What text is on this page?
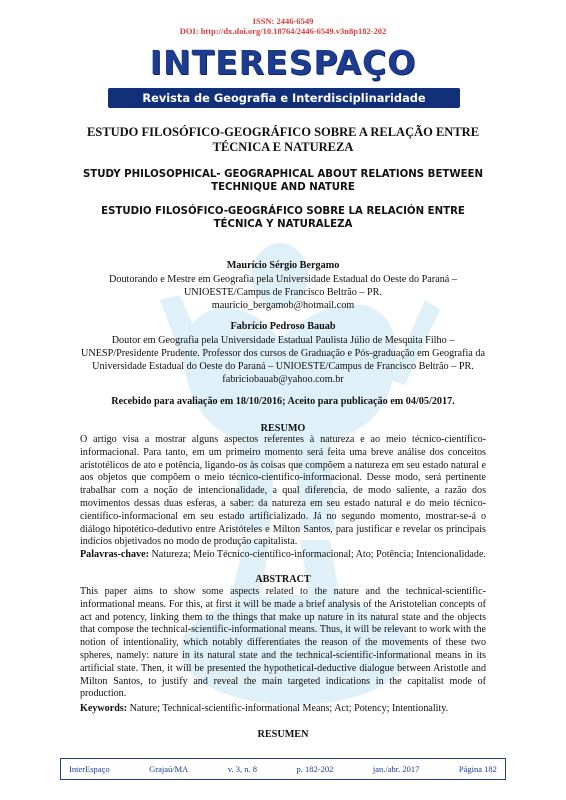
ISSN: 2446-6549
DOI: http://dx.doi.org/10.18764/2446-6549.v3n8p182-202
INTERESPAÇO
Revista de Geografia e Interdisciplinaridade
ESTUDO FILOSÓFICO-GEOGRÁFICO SOBRE A RELAÇÃO ENTRE TÉCNICA E NATUREZA
STUDY PHILOSOPHICAL- GEOGRAPHICAL ABOUT RELATIONS BETWEEN TECHNIQUE AND NATURE
ESTUDIO FILOSÓFICO-GEOGRÁFICO SOBRE LA RELACIÓN ENTRE TÉCNICA Y NATURALEZA
Maurício Sérgio Bergamo
Doutorando e Mestre em Geografia pela Universidade Estadual do Oeste do Paraná – UNIOESTE/Campus de Francisco Beltrão – PR.
mauricio_bergamob@hotmail.com
Fabrício Pedroso Bauab
Doutor em Geografia pela Universidade Estadual Paulista Júlio de Mesquita Filho – UNESP/Presidente Prudente. Professor dos cursos de Graduação e Pós-graduação em Geografia da Universidade Estadual do Oeste do Paraná – UNIOESTE/Campus de Francisco Beltrão – PR.
fabriciobauab@yahoo.com.br
Recebido para avaliação em 18/10/2016; Aceito para publicação em 04/05/2017.
RESUMO
O artigo visa a mostrar alguns aspectos referentes à natureza e ao meio técnico-científico-informacional. Para tanto, em um primeiro momento será feita uma breve análise dos conceitos aristotélicos de ato e potência, ligando-os às coisas que compõem a natureza em seu estado natural e aos objetos que compõem o meio técnico-científico-informacional. Desse modo, será pertinente trabalhar com a noção de intencionalidade, a qual diferencia, de modo saliente, a razão dos movimentos dessas duas esferas, a saber: da natureza em seu estado natural e do meio técnico-científico-informacional em seu estado artificializado. Já no segundo momento, mostrar-se-á o diálogo hipotético-dedutivo entre Aristóteles e Milton Santos, para justificar e revelar os principais indícios objetivados no modo de produção capitalista.
Palavras-chave: Natureza; Meio Técnico-científico-informacional; Ato; Potência; Intencionalidade.
ABSTRACT
This paper aims to show some aspects related to the nature and the technical-scientific-informational means. For this, at first it will be made a brief analysis of the Aristotelian concepts of act and potency, linking them to the things that make up nature in its natural state and the objects that compose the technical-scientific-informational means. Thus, it will be relevant to work with the notion of intentionality, which notably differentiates the reason of the movements of these two spheres, namely: nature in its natural state and the technical-scientific-informational means in its artificial state. Then, it will be presented the hypothetical-deductive dialogue between Aristotle and Milton Santos, to justify and reveal the main targeted indications in the capitalist mode of production.
Keywords: Nature; Technical-scientific-informational Means; Act; Potency; Intentionality.
RESUMEN
InterEspaço	Grajaú/MA	v. 3, n. 8	p. 182-202	jan./abr. 2017	Página 182
